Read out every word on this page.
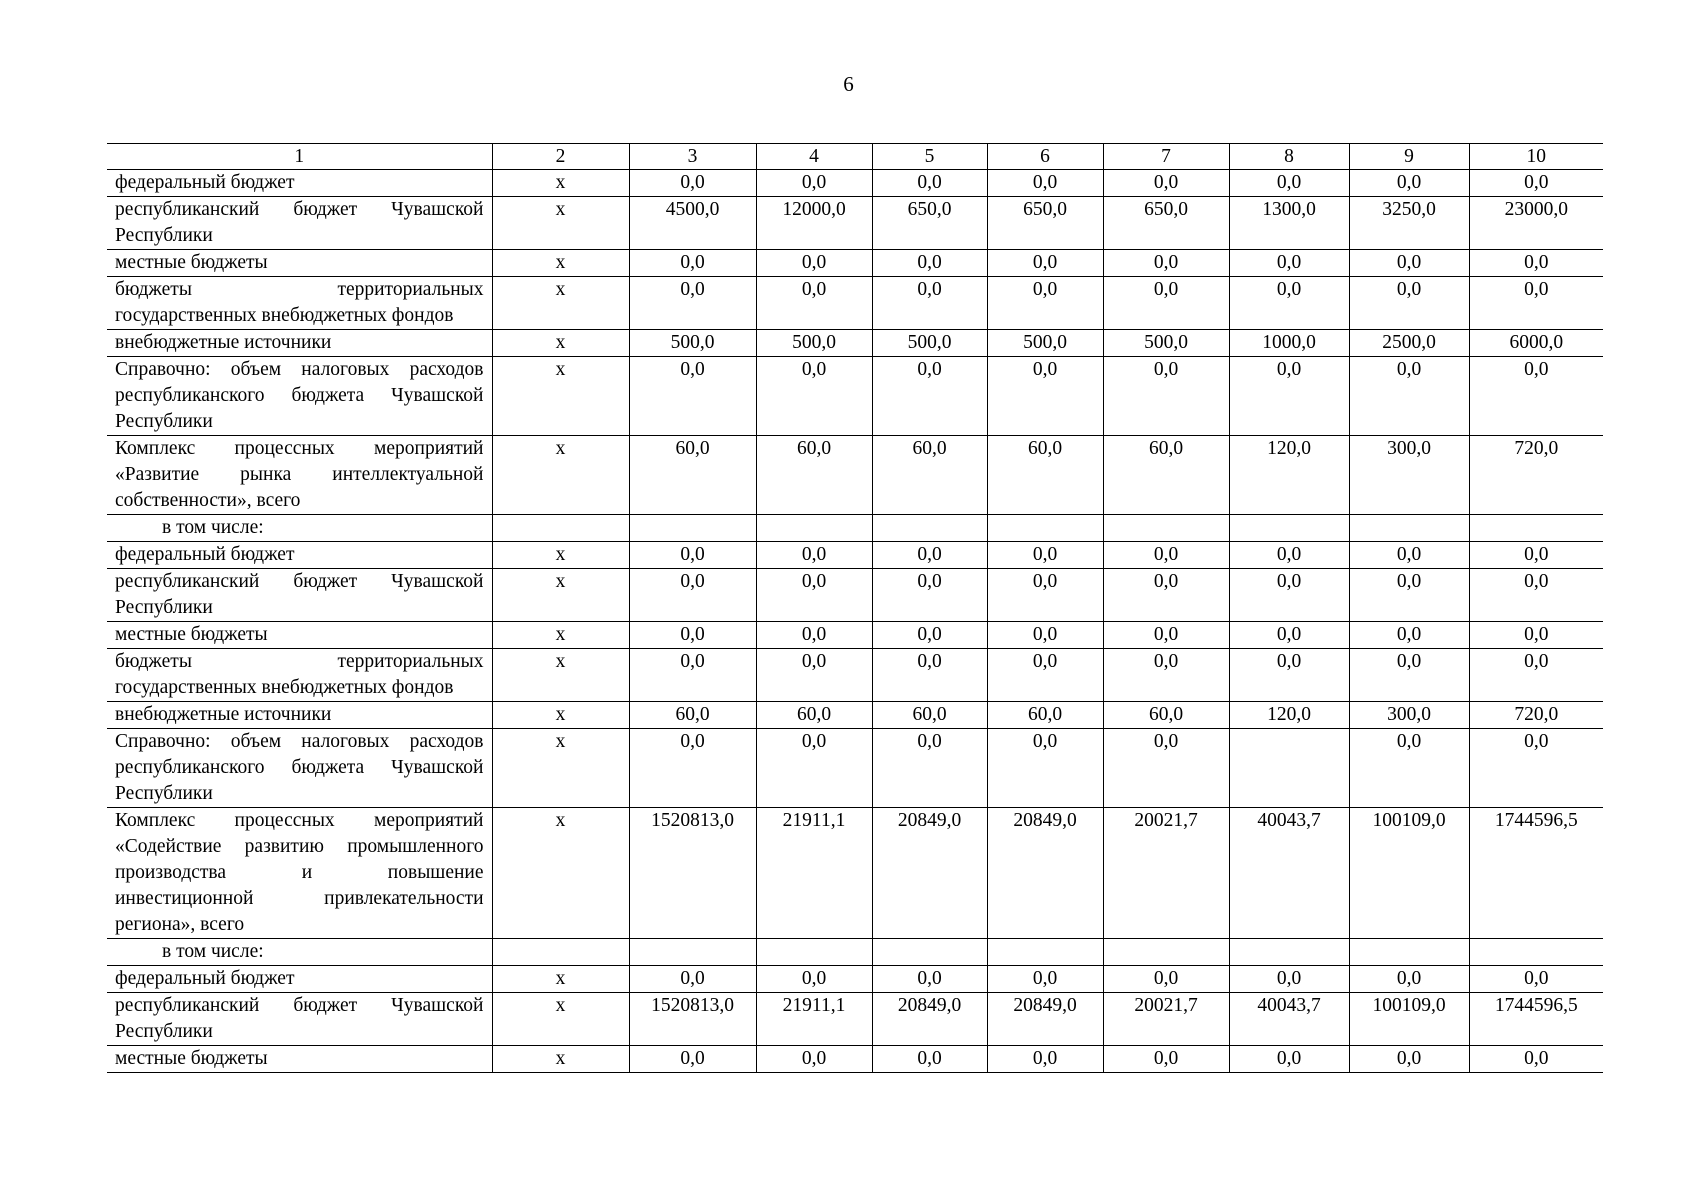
6
1	2	3	4	5	6	7	8	9	10
федеральный бюджет	х	0,0	0,0	0,0	0,0	0,0	0,0	0,0	0,0
республиканский бюджет Чувашской Республики	х	4500,0	12000,0	650,0	650,0	650,0	1300,0	3250,0	23000,0
местные бюджеты	х	0,0	0,0	0,0	0,0	0,0	0,0	0,0	0,0
бюджеты территориальных государственных внебюджетных фондов	х	0,0	0,0	0,0	0,0	0,0	0,0	0,0	0,0
внебюджетные источники	х	500,0	500,0	500,0	500,0	500,0	1000,0	2500,0	6000,0
Справочно: объем налоговых расходов республиканского бюджета Чувашской Республики	х	0,0	0,0	0,0	0,0	0,0	0,0	0,0	0,0
Комплекс процессных мероприятий «Развитие рынка интеллектуальной собственности», всего	х	60,0	60,0	60,0	60,0	60,0	120,0	300,0	720,0
в том числе:									
федеральный бюджет	х	0,0	0,0	0,0	0,0	0,0	0,0	0,0	0,0
республиканский бюджет Чувашской Республики	х	0,0	0,0	0,0	0,0	0,0	0,0	0,0	0,0
местные бюджеты	х	0,0	0,0	0,0	0,0	0,0	0,0	0,0	0,0
бюджеты территориальных государственных внебюджетных фондов	х	0,0	0,0	0,0	0,0	0,0	0,0	0,0	0,0
внебюджетные источники	х	60,0	60,0	60,0	60,0	60,0	120,0	300,0	720,0
Справочно: объем налоговых расходов республиканского бюджета Чувашской Республики	х	0,0	0,0	0,0	0,0	0,0		0,0	0,0
Комплекс процессных мероприятий «Содействие развитию промышленного производства и повышение инвестиционной привлекательности региона», всего	х	1520813,0	21911,1	20849,0	20849,0	20021,7	40043,7	100109,0	1744596,5
в том числе:									
федеральный бюджет	х	0,0	0,0	0,0	0,0	0,0	0,0	0,0	0,0
республиканский бюджет Чувашской Республики	х	1520813,0	21911,1	20849,0	20849,0	20021,7	40043,7	100109,0	1744596,5
местные бюджеты	х	0,0	0,0	0,0	0,0	0,0	0,0	0,0	0,0
